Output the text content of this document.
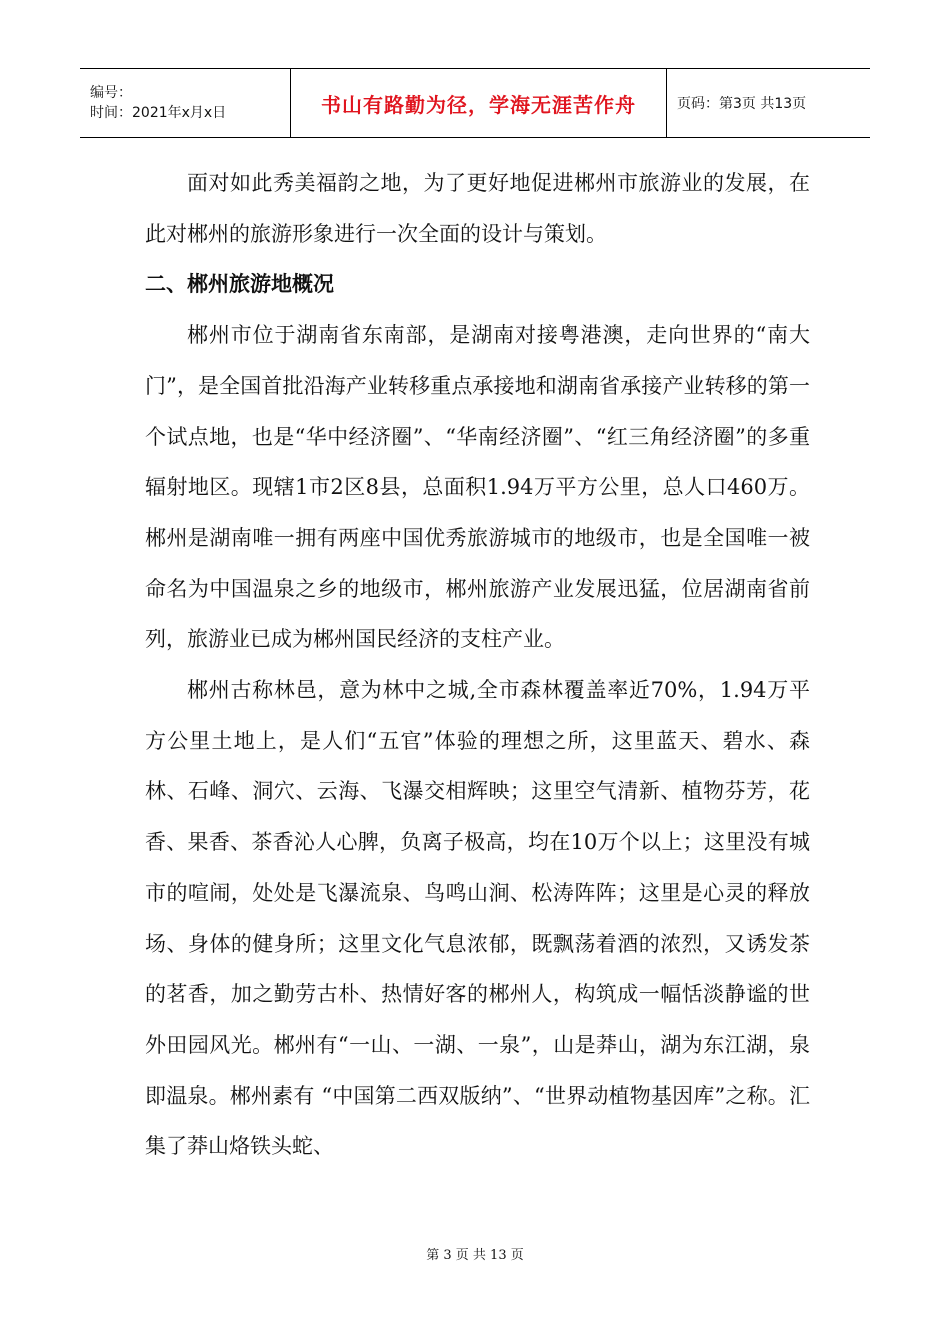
编号：
时间：2021年x月x日	书山有路勤为径，学海无涯苦作舟	页码：第3页 共13页

面对如此秀美福韵之地，为了更好地促进郴州市旅游业的发展，在此对郴州的旅游形象进行一次全面的设计与策划。

二、郴州旅游地概况

郴州市位于湖南省东南部，是湖南对接粤港澳，走向世界的“南大门”，是全国首批沿海产业转移重点承接地和湖南省承接产业转移的第一个试点地，也是“华中经济圈”、“华南经济圈”、“红三角经济圈”的多重辐射地区。现辖1市2区8县，总面积1.94万平方公里，总人口460万。郴州是湖南唯一拥有两座中国优秀旅游城市的地级市，也是全国唯一被命名为中国温泉之乡的地级市，郴州旅游产业发展迅猛，位居湖南省前列，旅游业已成为郴州国民经济的支柱产业。

郴州古称林邑，意为林中之城,全市森林覆盖率近70%，1.94万平方公里土地上，是人们“五官”体验的理想之所，这里蓝天、碧水、森林、石峰、洞穴、云海、飞瀑交相辉映；这里空气清新、植物芬芳，花香、果香、茶香沁人心脾，负离子极高，均在10万个以上；这里没有城市的喧闹，处处是飞瀑流泉、鸟鸣山涧、松涛阵阵；这里是心灵的释放场、身体的健身所；这里文化气息浓郁，既飘荡着酒的浓烈，又诱发茶的茗香，加之勤劳古朴、热情好客的郴州人，构筑成一幅恬淡静谧的世外田园风光。郴州有“一山、一湖、一泉”，山是莽山，湖为东江湖，泉即温泉。郴州素有 “中国第二西双版纳”、“世界动植物基因库”之称。汇集了莽山烙铁头蛇、

第 3 页 共 13 页
